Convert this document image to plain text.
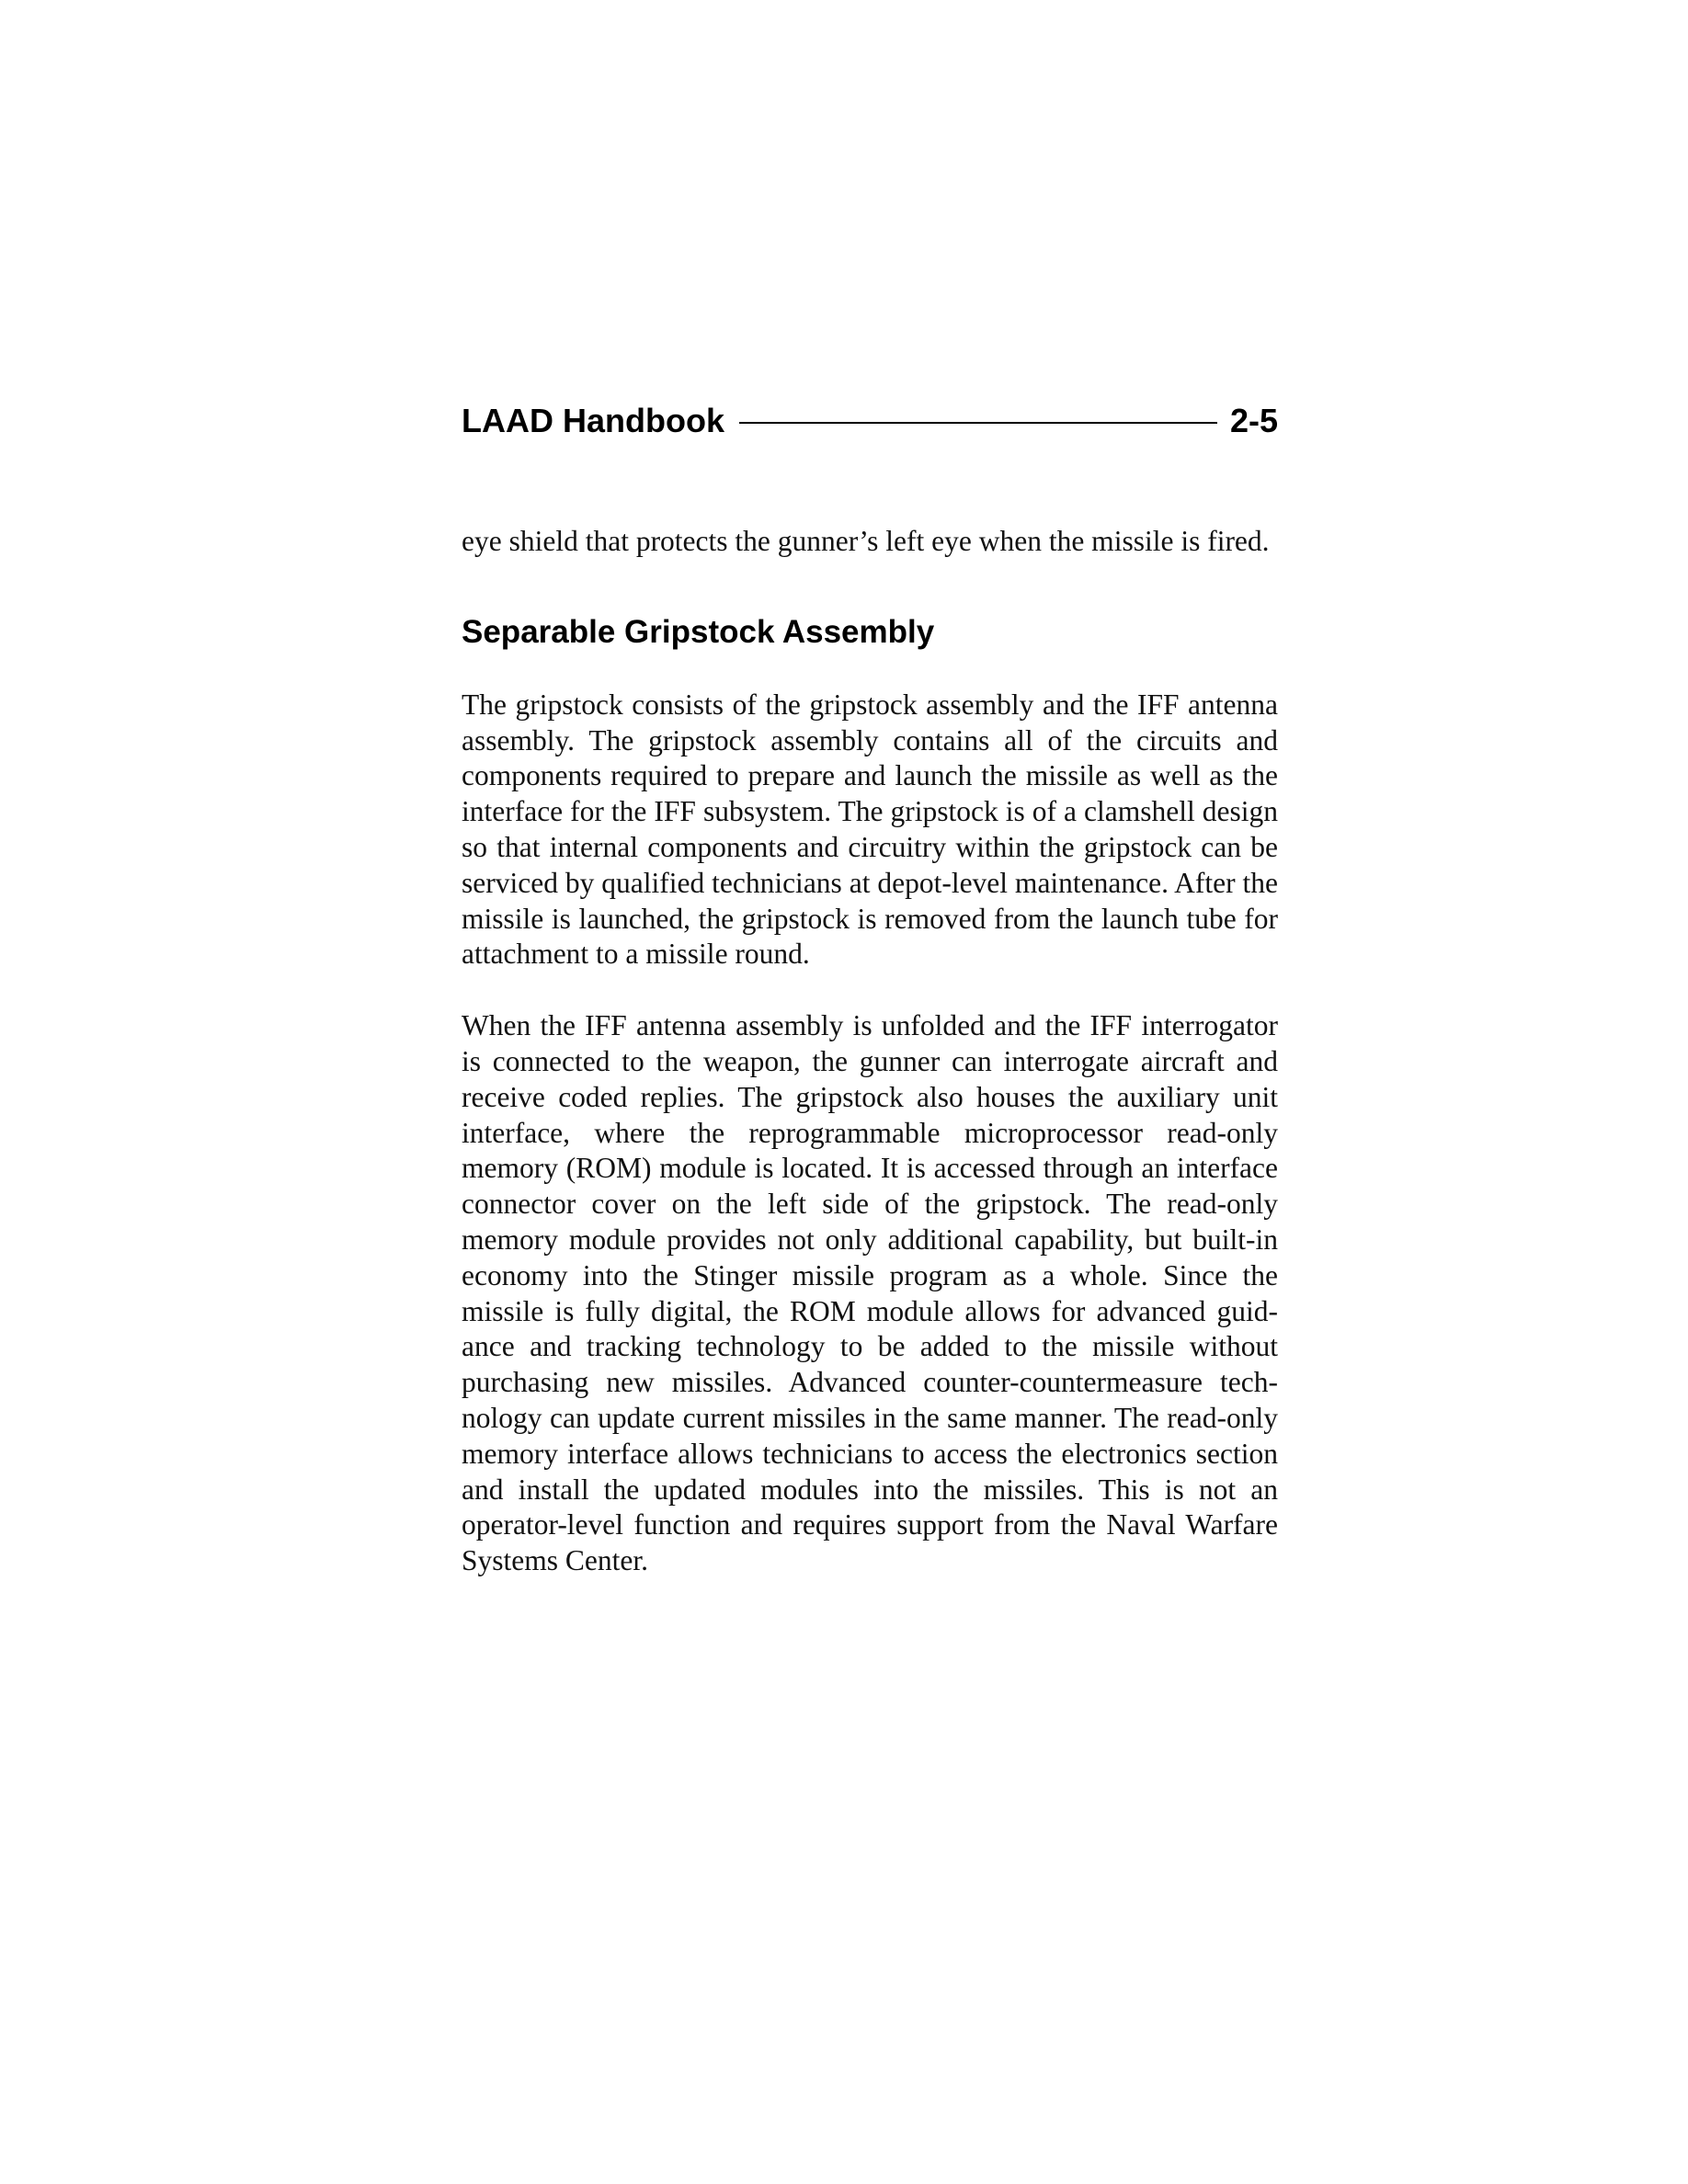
LAAD Handbook	2-5

eye shield that protects the gunner’s left eye when the missile is fired.

Separable Gripstock Assembly

The gripstock consists of the gripstock assembly and the IFF antenna assembly. The gripstock assembly contains all of the circuits and components required to prepare and launch the missile as well as the interface for the IFF subsystem. The gripstock is of a clamshell design so that internal components and circuitry within the gripstock can be serviced by qualified technicians at depot-level maintenance. After the missile is launched, the gripstock is removed from the launch tube for attachment to a missile round.

When the IFF antenna assembly is unfolded and the IFF interrogator is connected to the weapon, the gunner can interrogate aircraft and receive coded replies. The gripstock also houses the auxiliary unit interface, where the reprogrammable microprocessor read-only memory (ROM) module is located. It is accessed through an interface connector cover on the left side of the gripstock. The read-only memory module provides not only additional capability, but built-in economy into the Stinger missile program as a whole. Since the missile is fully digital, the ROM module allows for advanced guidance and tracking technology to be added to the missile without purchasing new missiles. Advanced counter-countermeasure technology can update current missiles in the same manner. The read-only memory interface allows technicians to access the electronics section and install the updated modules into the missiles. This is not an operator-level function and requires support from the Naval Warfare Systems Center.
